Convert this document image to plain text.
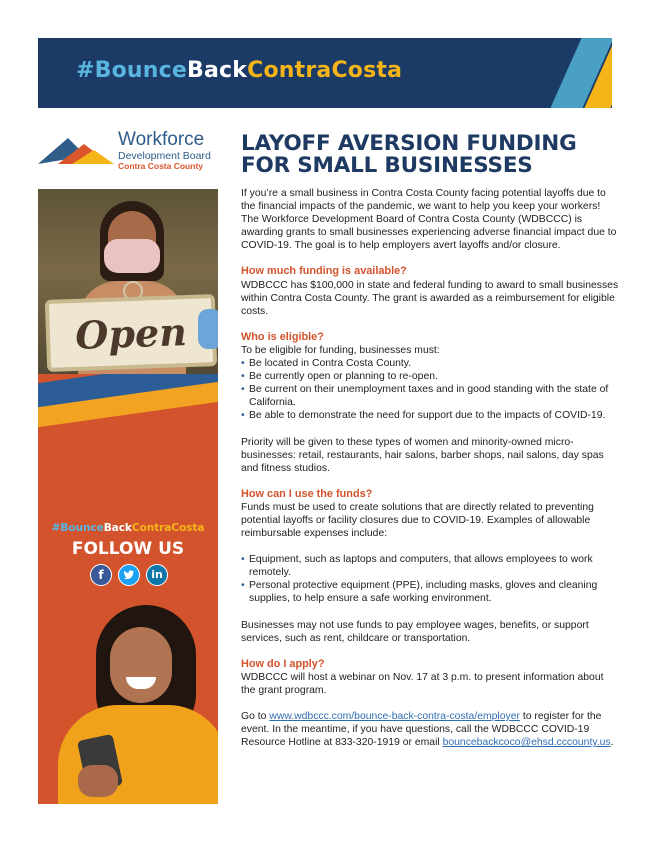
#BounceBackContraCosta
Workforce
Development Board
Contra Costa County
Open
#BounceBackContraCosta
FOLLOW US
f	in
LAYOFF AVERSION FUNDING
FOR SMALL BUSINESSES

If you’re a small business in Contra Costa County facing potential layoffs due to the financial impacts of the pandemic, we want to help you keep your workers! The Workforce Development Board of Contra Costa County (WDBCCC) is awarding grants to small businesses experiencing adverse financial impact due to COVID-19. The goal is to help employers avert layoffs and/or closure.

How much funding is available?

WDBCCC has $100,000 in state and federal funding to award to small businesses within Contra Costa County. The grant is awarded as a reimbursement for eligible costs.

Who is eligible?

To be eligible for funding, businesses must:

• Be located in Contra Costa County.
• Be currently open or planning to re-open.
• Be current on their unemployment taxes and in good standing with the state of California.
• Be able to demonstrate the need for support due to the impacts of COVID-19.

Priority will be given to these types of women and minority-owned micro-businesses: retail, restaurants, hair salons, barber shops, nail salons, day spas and fitness studios.

How can I use the funds?

Funds must be used to create solutions that are directly related to preventing potential layoffs or facility closures due to COVID-19. Examples of allowable reimbursable expenses include:

• Equipment, such as laptops and computers, that allows employees to work remotely.
• Personal protective equipment (PPE), including masks, gloves and cleaning supplies, to help ensure a safe working environment.

Businesses may not use funds to pay employee wages, benefits, or support services, such as rent, childcare or transportation.

How do I apply?

WDBCCC will host a webinar on Nov. 17 at 3 p.m. to present information about the grant program.

Go to www.wdbccc.com/bounce-back-contra-costa/employer to register for the event. In the meantime, if you have questions, call the WDBCCC COVID-19 Resource Hotline at 833-320-1919 or email bouncebackcoco@ehsd.cccounty.us.
